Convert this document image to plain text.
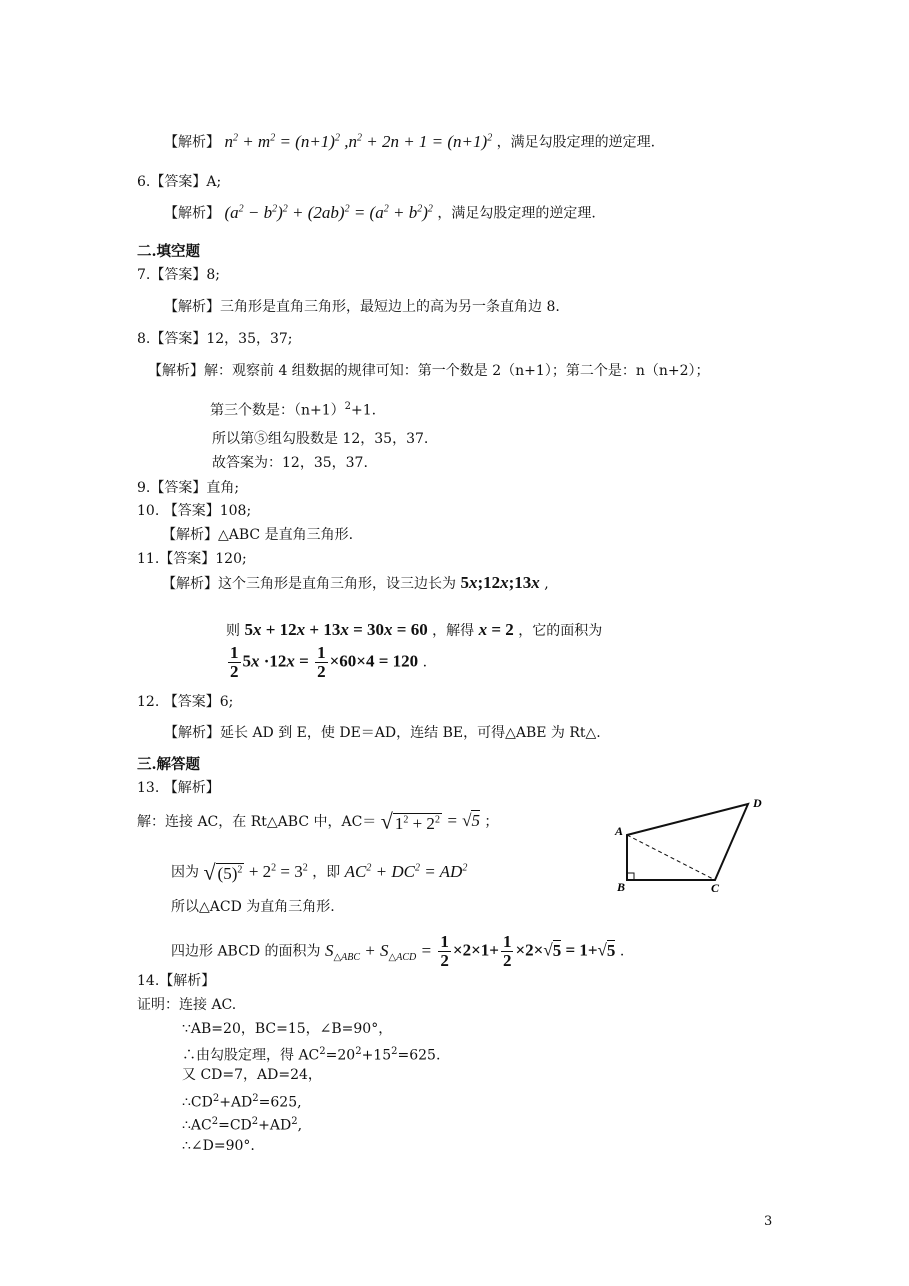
【解析】 $n^2 + m^2 = (n+1)^2$ $,n^2 + 2n + 1 = (n+1)^2$ ，满足勾股定理的逆定理.
6.【答案】A;
【解析】 $(a^2 - b^2)^2 + (2ab)^2 = (a^2 + b^2)^2$ ，满足勾股定理的逆定理.
二.填空题
7.【答案】8;
【解析】三角形是直角三角形，最短边上的高为另一条直角边 8.
8.【答案】12，35，37;
【解析】解：观察前 4 组数据的规律可知：第一个数是 2（n+1）；第二个是：n（n+2）；
第三个数是：$(n+1)^2+1$.
所以第⑤组勾股数是 12，35，37.
故答案为：12，35，37.
9.【答案】直角;
10. 【答案】108;
【解析】△ABC 是直角三角形.
11.【答案】120;
【解析】这个三角形是直角三角形，设三边长为 5x;12x;13x ,
则 5x + 12x + 13x = 30x = 60 ，解得 x = 2 ，它的面积为
$\frac{1}{2} 5x \cdot 12x = \frac{1}{2} \times 60\times 4 = 120$ .
12. 【答案】6;
【解析】延长 AD 到 E，使 DE＝AD，连结 BE，可得△ABE 为 Rt△.
三.解答题
13. 【解析】
解：连接 AC，在 Rt△ABC 中，AC＝ √ $1^2 + 2^2 = √5$ ；
因为 √ $(5)^2 + 2^2 = 3^2$ ，即 $AC^2 + DC^2 = AD^2$
所以△ACD 为直角三角形.
四边形 ABCD 的面积为 $S_{\triangle ABC} + S_{\triangle ACD} = \frac{1}{2} \times 2\times 1+ \frac{1}{2} \times 2\times√5 = 1+√5$ .
A
D
B	C
14.【解析】
证明：连接 AC.
∵AB=20，BC=15，∠B=90°，
∴由勾股定理，得 $AC^2=20^2+15^2=625$.
又 CD=7，AD=24，
$\therefore CD^2+AD^2=625$,
$\therefore AC^2=CD^2+AD^2$,
∴∠D=90°.
3
